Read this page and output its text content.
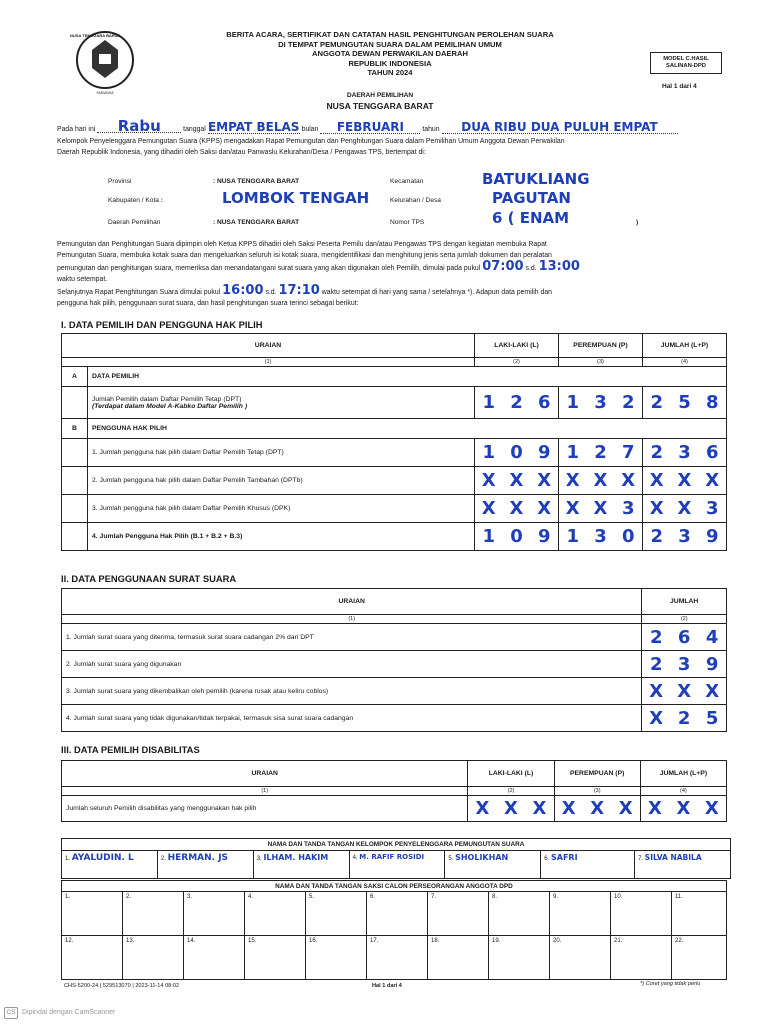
SMBAWA
NUSA TENGGARA BARAT	BERITA ACARA, SERTIFIKAT DAN CATATAN HASIL PENGHITUNGAN PEROLEHAN SUARA
DI TEMPAT PEMUNGUTAN SUARA DALAM PEMILIHAN UMUM
ANGGOTA DEWAN PERWAKILAN DAERAH
REPUBLIK INDONESIA
TAHUN 2024
MODEL C.HASIL
SALINAN-DPD
Hal 1 dari 4
DAERAH PEMILIHAN
NUSA TENGGARA BARAT
Pada hari ini Rabu	tanggal EMPAT BELAS bulan FEBRUARI	tahun DUA RIBU DUA PULUH EMPAT
Kelompok Penyelenggara Pemungutan Suara (KPPS) mengadakan Rapat Pemungutan dan Penghitungan Suara dalam Pemilihan Umum Anggota Dewan Perwakilan
Daerah Republik Indonesia, yang dihadiri oleh Saksi dan/atau Panwaslu Kelurahan/Desa / Pengawas TPS, bertempat di:
Provinsi	: NUSA TENGGARA BARAT
Kabupaten / Kota :	LOMBOK TENGAH
Daerah Pemilihan	: NUSA TENGGARA BARAT
Kecamatan	BATUKLIANG
Kelurahan / Desa	PAGUTAN
Nomor TPS	6 ( ENAM	)
Pemungutan dan Penghitungan Suara dipimpin oleh Ketua KPPS dihadiri oleh Saksi Peserta Pemilu dan/atau Pengawas TPS dengan kegiatan membuka Rapat
Pemungutan Suara, membuka kotak suara dan mengeluarkan seluruh isi kotak suara, mengidentifikasi dan menghitung jenis serta jumlah dokumen dan peralatan
pemungutan dan penghitungan suara, memeriksa dan menandatangani surat suara yang akan digunakan oleh Pemilih, dimulai pada pukul 07:00 s.d. 13:00
waktu setempat.
Selanjutnya Rapat Penghitungan Suara dimulai pukul 16:00 s.d. 17:10 waktu setempat di hari yang sama / setelahnya *). Adapun data pemilih dan
pengguna hak pilih, penggunaan surat suara, dan hasil penghitungan suara terinci sebagai berikut:
I. DATA PEMILIH DAN PENGGUNA HAK PILIH
URAIAN		LAKI-LAKI (L)			PEREMPUAN (P)			JUMLAH (L+P)		
(1)		(2)			(3)			(4)		
A	DATA PEMILIH									

	Jumlah Pemilih dalam Daftar Pemilih Tetap (DPT)
(Terdapat dalam Model A-Kabko Daftar Pemilih )	1	2	6	1	3	2	2	5	8
B	PENGGUNA HAK PILIH									
	1. Jumlah pengguna hak pilih dalam Daftar Pemilih Tetap (DPT)	1	0	9	1	2	7	2	3	6
	2. Jumlah pengguna hak pilih dalam Daftar Pemilih Tambahan (DPTb)	X	X	X	X	X	X	X	X	X
	3. Jumlah pengguna hak pilih dalam Daftar Pemilih Khusus (DPK)	X	X	X	X	X	3	X	X	3
	4. Jumlah Pengguna Hak Pilih (B.1 + B.2 + B.3)	1	0	9	1	3	0	2	3	9
II. DATA PENGGUNAAN SURAT SUARA
URAIAN	JUMLAH		
(1)	(2)		
1. Jumlah surat suara yang diterima, termasuk surat suara cadangan 2% dari DPT	2	6	4
2. Jumlah surat suara yang digunakan	2	3	9
3. Jumlah surat suara yang dikembalikan oleh pemilih (karena rusak atau keliru coblos)	X	X	X
4. Jumlah surat suara yang tidak digunakan/tidak terpakai, termasuk sisa surat suara cadangan	X	2	5
III. DATA PEMILIH DISABILITAS
URAIAN	LAKI-LAKI (L)			PEREMPUAN (P)			JUMLAH (L+P)		
(1)	(2)			(3)			(4)		
Jumlah seluruh Pemilih disabilitas yang menggunakan hak pilih	X	X	X	X	X	X	X	X	X
NAMA DAN TANDA TANGAN KELOMPOK PENYELENGGARA PEMUNGUTAN SUARA
1. AYALUDIN. L	2. HERMAN. JS	3. ILHAM. HAKIM	4. M. RAFIF ROSIDI	5. SHOLIKHAN	6. SAFRI	7. SILVA NABILA
NAMA DAN TANDA TANGAN SAKSI CALON PERSEORANGAN ANGGOTA DPD										
1.	2.	3.	4.	5.	6.	7.	8.	9.	10.	11.
12.	13.	14.	15.	16.	17.	18.	19.	20.	21.	22.
CHS-5200-24 | 529513070 | 2023-11-14 08:02	Hal 1 dari 4	*) Coret yang tidak perlu
CS Dipindai dengan CamScanner
